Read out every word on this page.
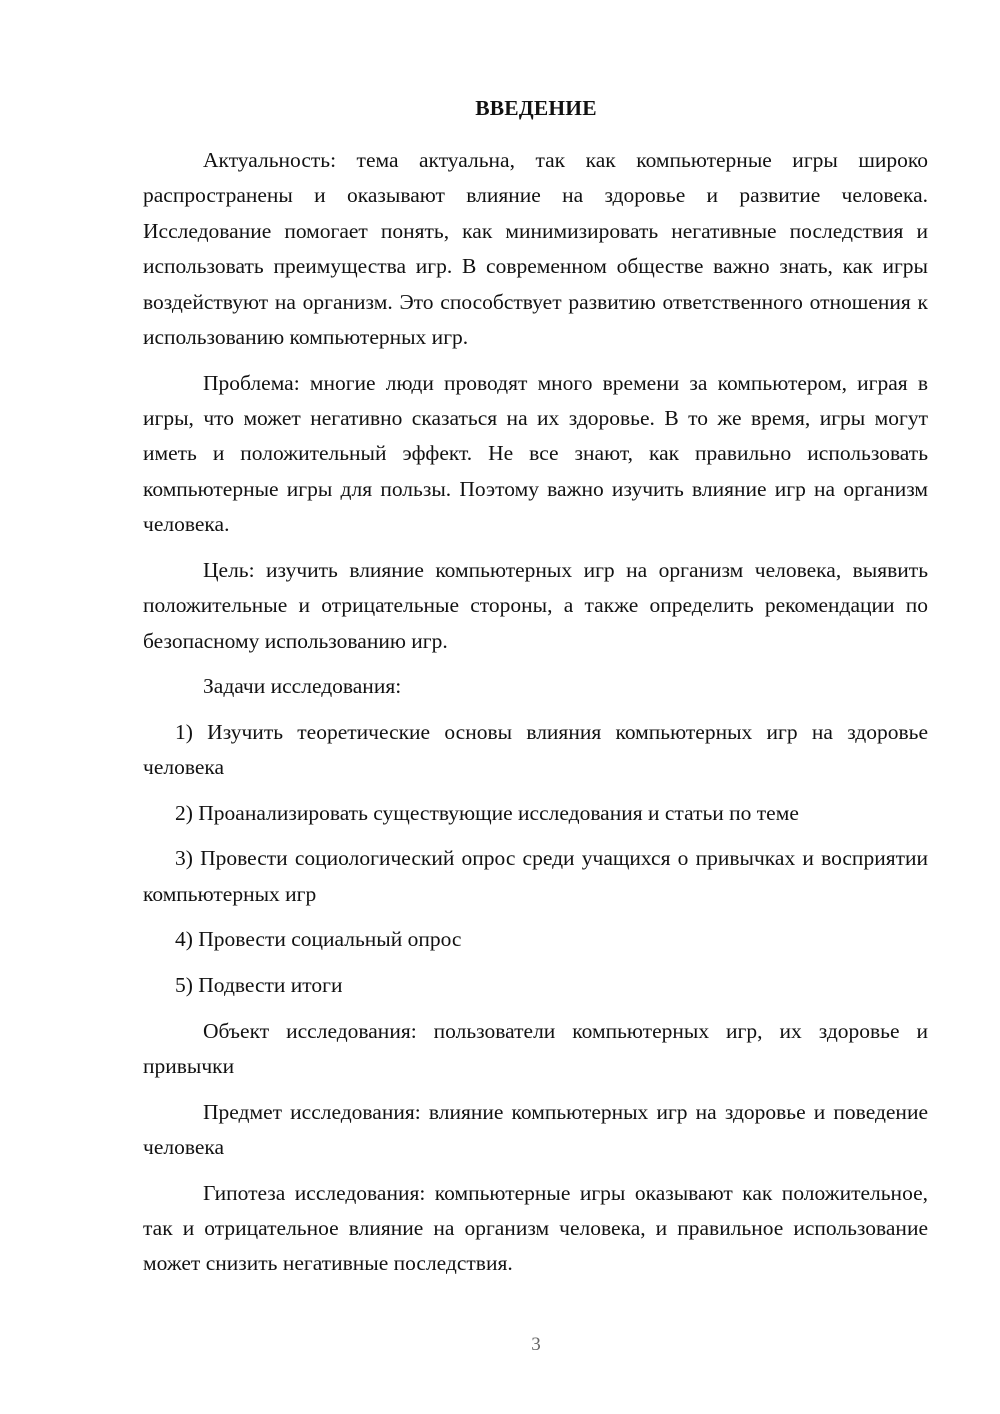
ВВЕДЕНИЕ

Актуальность: тема актуальна, так как компьютерные игры широко распространены и оказывают влияние на здоровье и развитие человека. Исследование помогает понять, как минимизировать негативные последствия и использовать преимущества игр. В современном обществе важно знать, как игры воздействуют на организм. Это способствует развитию ответственного отношения к использованию компьютерных игр.

Проблема: многие люди проводят много времени за компьютером, играя в игры, что может негативно сказаться на их здоровье. В то же время, игры могут иметь и положительный эффект. Не все знают, как правильно использовать компьютерные игры для пользы. Поэтому важно изучить влияние игр на организм человека.

Цель: изучить влияние компьютерных игр на организм человека, выявить положительные и отрицательные стороны, а также определить рекомендации по безопасному использованию игр.

Задачи исследования:

1) Изучить теоретические основы влияния компьютерных игр на здоровье человека

2) Проанализировать существующие исследования и статьи по теме

3) Провести социологический опрос среди учащихся о привычках и восприятии компьютерных игр

4) Провести социальный опрос

5) Подвести итоги

Объект исследования: пользователи компьютерных игр, их здоровье и привычки

Предмет исследования: влияние компьютерных игр на здоровье и поведение человека

Гипотеза исследования: компьютерные игры оказывают как положительное, так и отрицательное влияние на организм человека, и правильное использование может снизить негативные последствия.

3
